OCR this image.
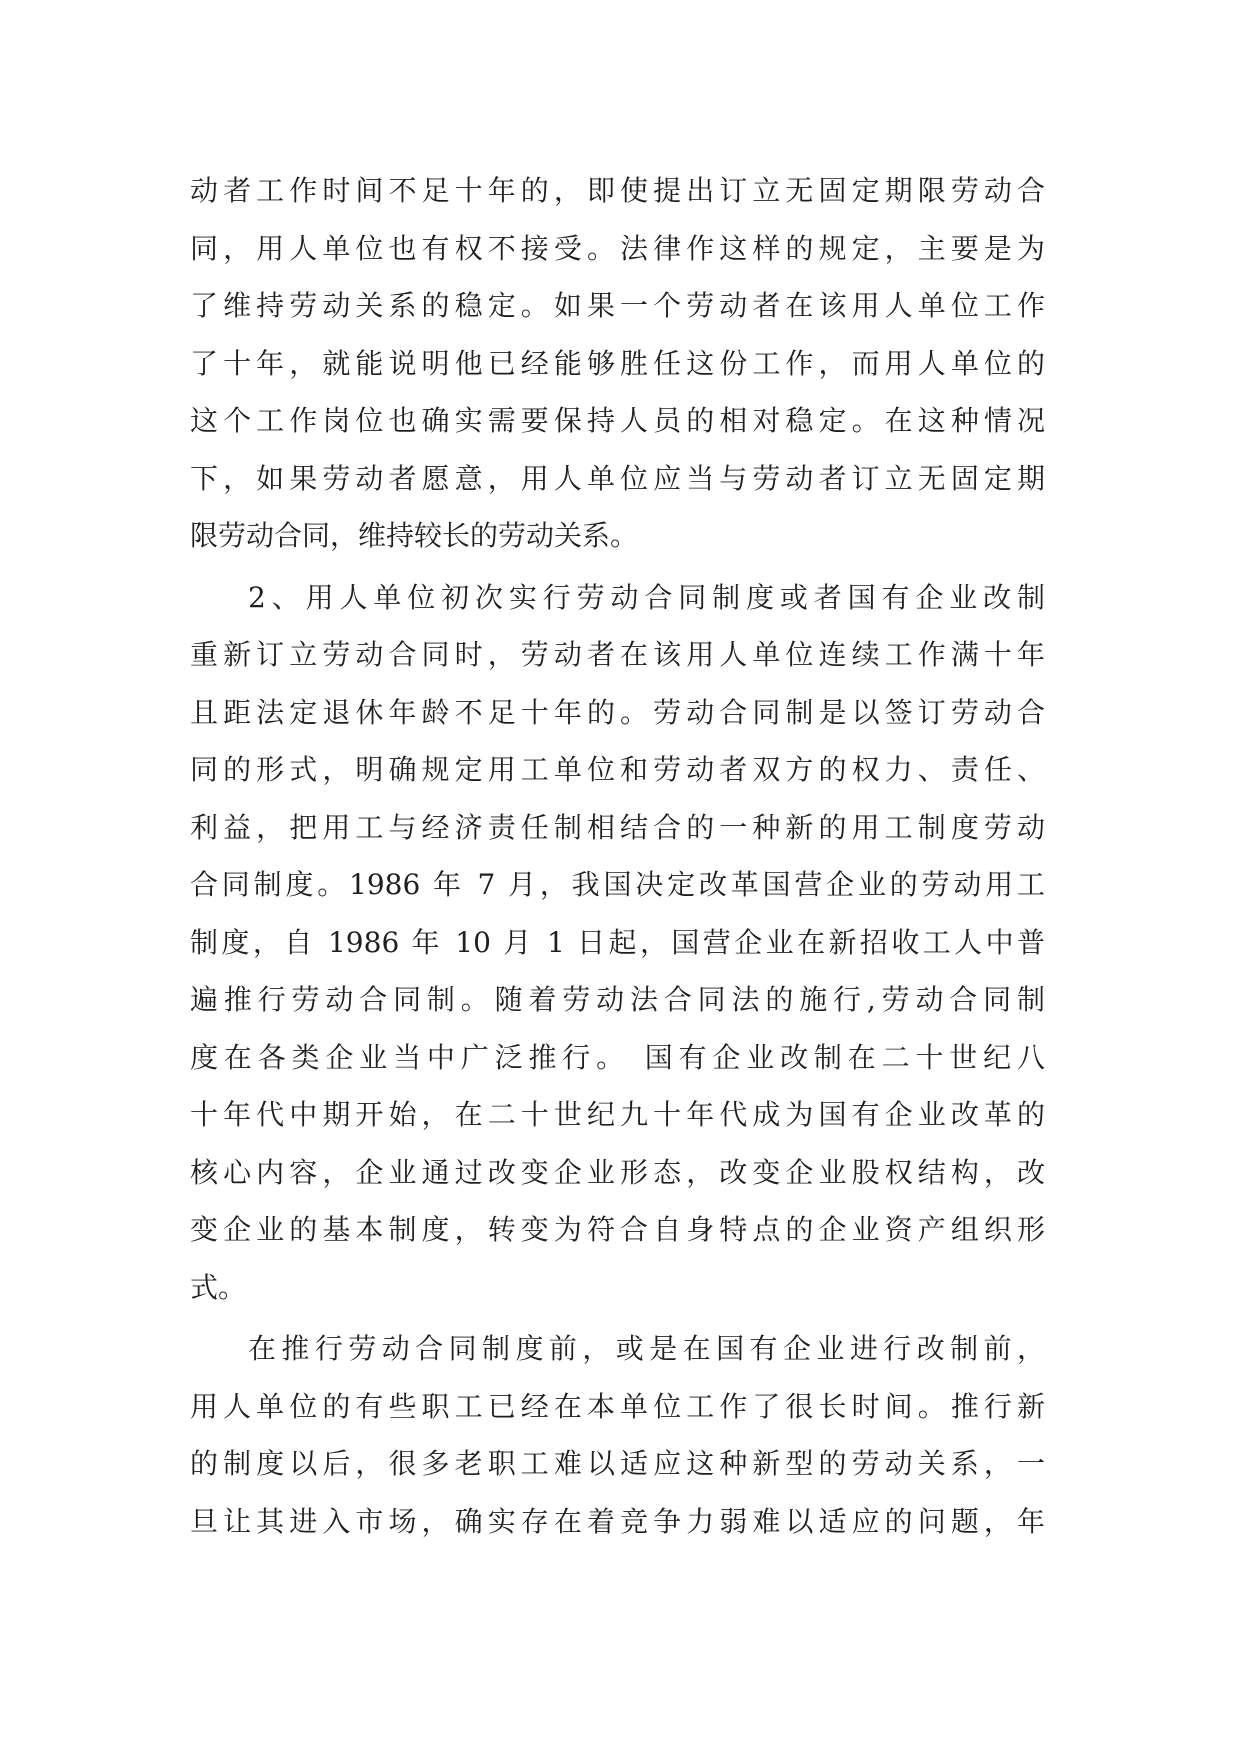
动者工作时间不足十年的，即使提出订立无固定期限劳动合
同，用人单位也有权不接受。法律作这样的规定，主要是为
了维持劳动关系的稳定。如果一个劳动者在该用人单位工作
了十年，就能说明他已经能够胜任这份工作，而用人单位的
这个工作岗位也确实需要保持人员的相对稳定。在这种情况
下，如果劳动者愿意，用人单位应当与劳动者订立无固定期
限劳动合同，维持较长的劳动关系。
2、用人单位初次实行劳动合同制度或者国有企业改制
重新订立劳动合同时，劳动者在该用人单位连续工作满十年
且距法定退休年龄不足十年的。劳动合同制是以签订劳动合
同的形式，明确规定用工单位和劳动者双方的权力、责任、
利益，把用工与经济责任制相结合的一种新的用工制度劳动
合同制度。1986 年 7 月，我国决定改革国营企业的劳动用工
制度，自 1986 年 10 月 1 日起，国营企业在新招收工人中普
遍推行劳动合同制。随着劳动法合同法的施行,劳动合同制
度在各类企业当中广泛推行。 国有企业改制在二十世纪八
十年代中期开始，在二十世纪九十年代成为国有企业改革的
核心内容，企业通过改变企业形态，改变企业股权结构，改
变企业的基本制度，转变为符合自身特点的企业资产组织形
式。
在推行劳动合同制度前，或是在国有企业进行改制前，
用人单位的有些职工已经在本单位工作了很长时间。推行新
的制度以后，很多老职工难以适应这种新型的劳动关系，一
旦让其进入市场，确实存在着竞争力弱难以适应的问题，年
